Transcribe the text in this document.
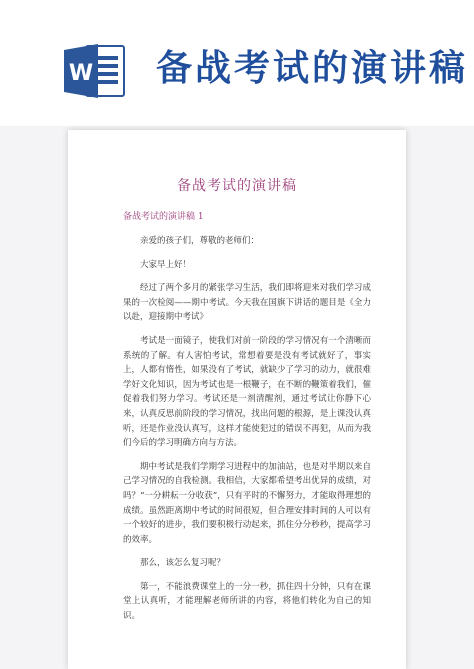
W 备战考试的演讲稿
备战考试的演讲稿
备战考试的演讲稿 1

亲爱的孩子们，尊敬的老师们：

大家早上好！

经过了两个多月的紧张学习生活，我们即将迎来对我们学习成果的一次检阅——期中考试。今天我在国旗下讲话的题目是《全力以赴，迎接期中考试》

考试是一面镜子，使我们对前一阶段的学习情况有一个清晰而系统的了解。有人害怕考试，常想着要是没有考试就好了，事实上，人都有惰性，如果没有了考试，就缺少了学习的动力，就很难学好文化知识，因为考试也是一根鞭子，在不断的鞭策着我们，催促着我们努力学习。考试还是一剂清醒剂，通过考试让你静下心来，认真反思前阶段的学习情况，找出问题的根源，是上课没认真听，还是作业没认真写，这样才能使犯过的错误不再犯，从而为我们今后的学习明确方向与方法。

期中考试是我们学期学习进程中的加油站，也是对半期以来自己学习情况的自我检测。我相信，大家都希望考出优异的成绩，对吗？“一分耕耘一分收获”，只有平时的不懈努力，才能取得理想的成绩。虽然距离期中考试的时间很短，但合理安排时间的人可以有一个较好的进步，我们要积极行动起来，抓住分分秒秒，提高学习的效率。

那么，该怎么复习呢？

第一，不能浪费课堂上的一分一秒，抓住四十分钟，只有在课堂上认真听，才能理解老师所讲的内容，将他们转化为自己的知识。
